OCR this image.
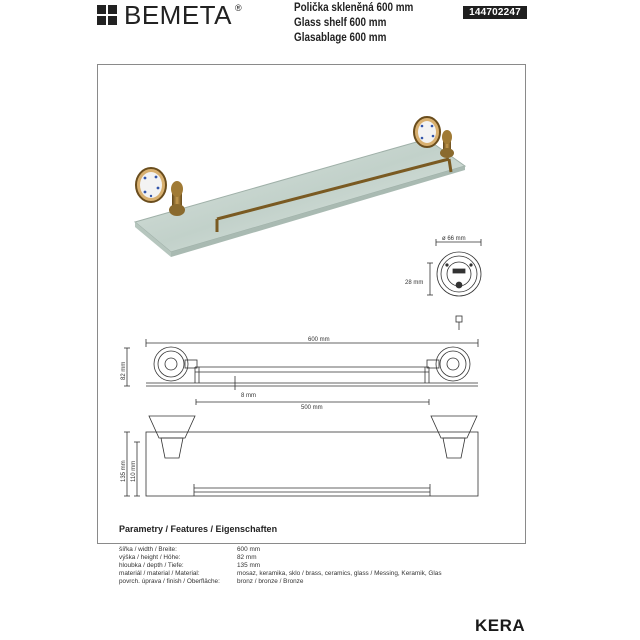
BEMETA ®	Polička skleněná 600 mm
Glass shelf 600 mm
Glasablage 600 mm
144702247
ø 66 mm
28 mm
600 mm
82 mm
8 mm
500 mm
135 mm 110 mm
Parametry / Features / Eigenschaften
šířka / width / Breite:	600 mm
výška / height / Höhe:	82 mm
hloubka / depth / Tiefe:	135 mm
materiál / material / Material:	mosaz, keramika, sklo / brass, ceramics, glass / Messing, Keramik, Glas
povrch. úprava / finish / Oberfläche:	bronz / bronze / Bronze
KERA
